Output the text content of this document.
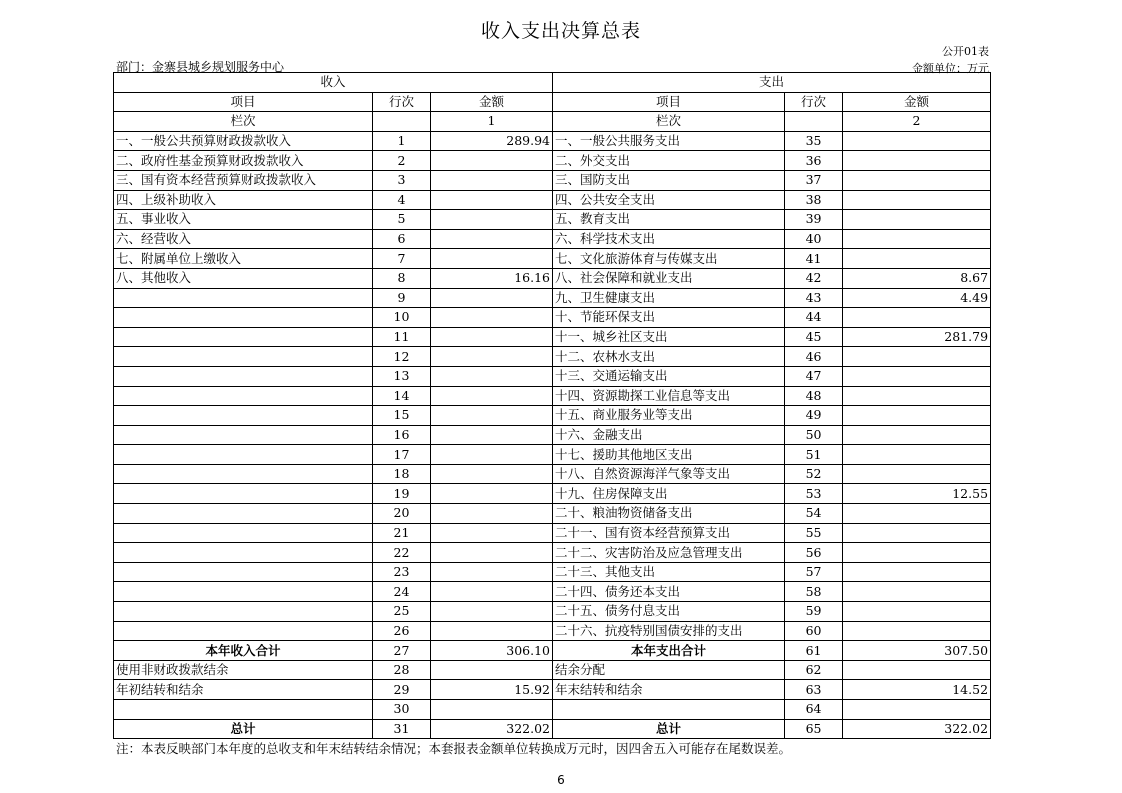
收入支出决算总表
公开01表
部门：金寨县城乡规划服务中心	金额单位：万元
收入			支出		
项目	行次	金额	项目	行次	金额
栏次		1	栏次		2
一、一般公共预算财政拨款收入	1	289.94	一、一般公共服务支出	35	
二、政府性基金预算财政拨款收入	2		二、外交支出	36	
三、国有资本经营预算财政拨款收入	3		三、国防支出	37	
四、上级补助收入	4		四、公共安全支出	38	
五、事业收入	5		五、教育支出	39	
六、经营收入	6		六、科学技术支出	40	
七、附属单位上缴收入	7		七、文化旅游体育与传媒支出	41	
八、其他收入	8	16.16	八、社会保障和就业支出	42	8.67
	9		九、卫生健康支出	43	4.49
	10		十、节能环保支出	44	
	11		十一、城乡社区支出	45	281.79
	12		十二、农林水支出	46	
	13		十三、交通运输支出	47	
	14		十四、资源勘探工业信息等支出	48	
	15		十五、商业服务业等支出	49	
	16		十六、金融支出	50	
	17		十七、援助其他地区支出	51	
	18		十八、自然资源海洋气象等支出	52	
	19		十九、住房保障支出	53	12.55
	20		二十、粮油物资储备支出	54	
	21		二十一、国有资本经营预算支出	55	
	22		二十二、灾害防治及应急管理支出	56	
	23		二十三、其他支出	57	
	24		二十四、债务还本支出	58	
	25		二十五、债务付息支出	59	
	26		二十六、抗疫特别国债安排的支出	60	
本年收入合计	27	306.10	本年支出合计	61	307.50
使用非财政拨款结余	28		结余分配	62	
年初结转和结余	29	15.92	年末结转和结余	63	14.52
	30			64	
总计	31	322.02	总计	65	322.02
注：本表反映部门本年度的总收支和年末结转结余情况；本套报表金额单位转换成万元时，因四舍五入可能存在尾数误差。
6
